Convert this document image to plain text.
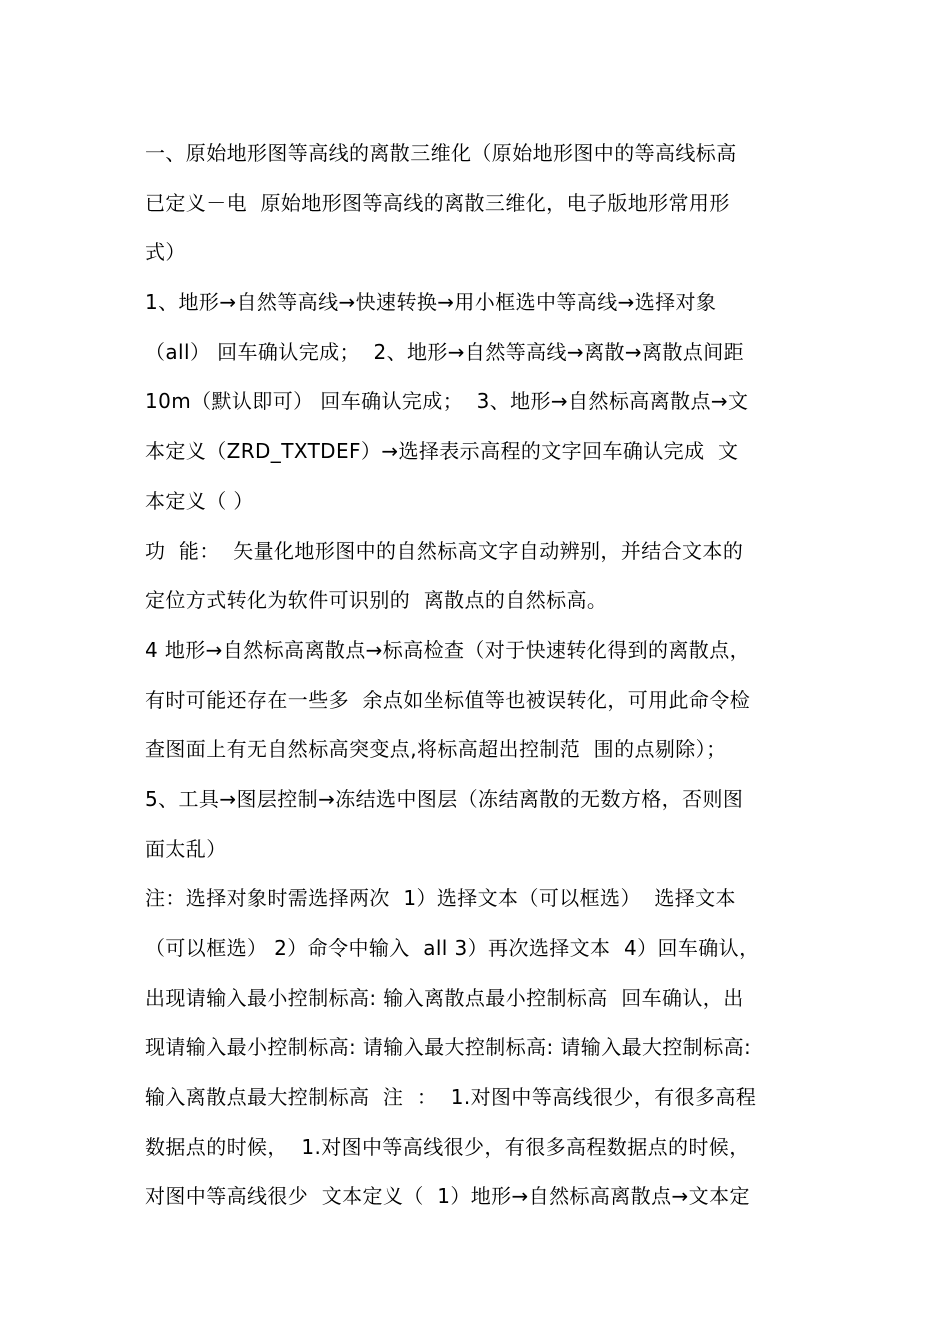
一、原始地形图等高线的离散三维化（原始地形图中的等高线标高
已定义－电  原始地形图等高线的离散三维化，电子版地形常用形
式）
1、地形→自然等高线→快速转换→用小框选中等高线→选择对象
（all） 回车确认完成；  2、地形→自然等高线→离散→离散点间距
10m（默认即可） 回车确认完成；  3、地形→自然标高离散点→文
本定义（ZRD_TXTDEF）→选择表示高程的文字回车确认完成  文
本定义（ ）
功  能：  矢量化地形图中的自然标高文字自动辨别，并结合文本的
定位方式转化为软件可识别的  离散点的自然标高。
4 地形→自然标高离散点→标高检查（对于快速转化得到的离散点，
有时可能还存在一些多  余点如坐标值等也被误转化，可用此命令检
查图面上有无自然标高突变点,将标高超出控制范  围的点剔除）；
5、工具→图层控制→冻结选中图层（冻结离散的无数方格，否则图
面太乱）
注：选择对象时需选择两次  1）选择文本（可以框选）  选择文本
（可以框选） 2）命令中输入  all 3）再次选择文本  4）回车确认，
出现请输入最小控制标高: 输入离散点最小控制标高  回车确认，出
现请输入最小控制标高: 请输入最大控制标高: 请输入最大控制标高:
输入离散点最大控制标高  注  ：  1.对图中等高线很少，有很多高程
数据点的时候，  1.对图中等高线很少，有很多高程数据点的时候，
对图中等高线很少  文本定义（  1）地形→自然标高离散点→文本定
